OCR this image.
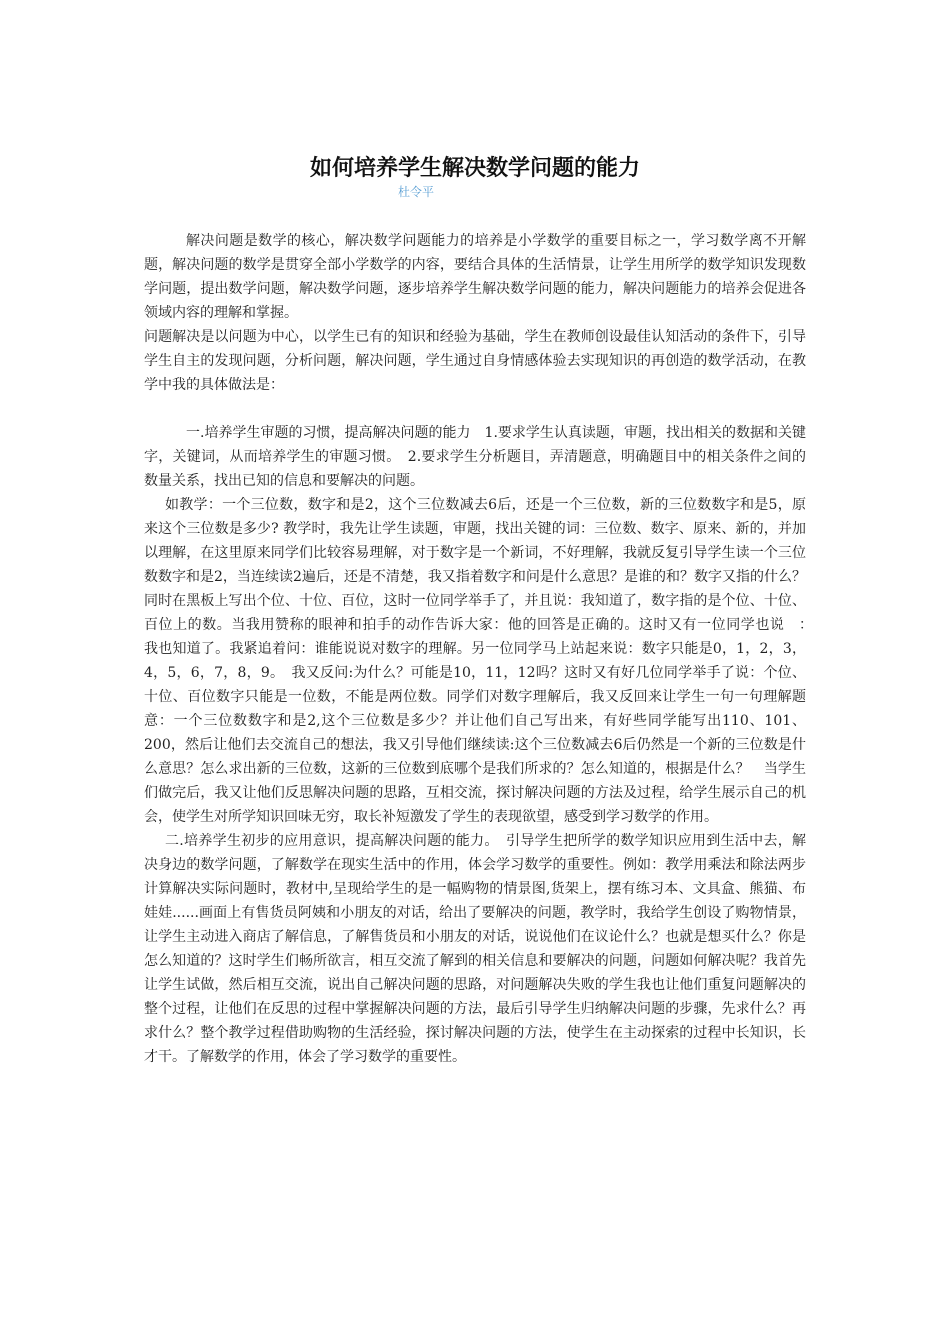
如何培养学生解决数学问题的能力
杜令平

解决问题是数学的核心，解决数学问题能力的培养是小学数学的重要目标之一，学习数学离不开解题，解决问题的数学是贯穿全部小学数学的内容，要结合具体的生活情景，让学生用所学的数学知识发现数学问题，提出数学问题，解决数学问题，逐步培养学生解决数学问题的能力，解决问题能力的培养会促进各领域内容的理解和掌握。

问题解决是以问题为中心，以学生已有的知识和经验为基础，学生在教师创设最佳认知活动的条件下，引导学生自主的发现问题，分析问题，解决问题，学生通过自身情感体验去实现知识的再创造的数学活动，在教学中我的具体做法是：

一.培养学生审题的习惯，提高解决问题的能力　1.要求学生认真读题，审题，找出相关的数据和关键字，关键词，从而培养学生的审题习惯。　2.要求学生分析题目，弄清题意，明确题目中的相关条件之间的数量关系，找出已知的信息和要解决的问题。

如教学：一个三位数，数字和是2，这个三位数减去6后，还是一个三位数，新的三位数数字和是5，原来这个三位数是多少? 教学时，我先让学生读题，审题，找出关键的词：三位数、数字、原来、新的，并加以理解，在这里原来同学们比较容易理解，对于数字是一个新词，不好理解，我就反复引导学生读一个三位数数字和是2，当连续读2遍后，还是不清楚，我又指着数字和问是什么意思？是谁的和？数字又指的什么？同时在黑板上写出个位、十位、百位，这时一位同学举手了，并且说：我知道了，数字指的是个位、十位、百位上的数。当我用赞称的眼神和拍手的动作告诉大家：他的回答是正确的。这时又有一位同学也说　：　我也知道了。我紧追着问：谁能说说对数字的理解。另一位同学马上站起来说：数字只能是0，1，2，3，4，5，6，7，8，9。　我又反问:为什么？可能是10，11，12吗？这时又有好几位同学举手了说：个位、十位、百位数字只能是一位数，不能是两位数。同学们对数字理解后，我又反回来让学生一句一句理解题意：一个三位数数字和是2,这个三位数是多少？并让他们自己写出来，有好些同学能写出110、101、200，然后让他们去交流自己的想法，我又引导他们继续读:这个三位数减去6后仍然是一个新的三位数是什么意思？怎么求出新的三位数，这新的三位数到底哪个是我们所求的？怎么知道的，根据是什么？　当学生们做完后，我又让他们反思解决问题的思路，互相交流，探讨解决问题的方法及过程，给学生展示自己的机会，使学生对所学知识回味无穷，取长补短激发了学生的表现欲望，感受到学习数学的作用。

二.培养学生初步的应用意识，提高解决问题的能力。　引导学生把所学的数学知识应用到生活中去，解决身边的数学问题，了解数学在现实生活中的作用，体会学习数学的重要性。例如：教学用乘法和除法两步计算解决实际问题时，教材中,呈现给学生的是一幅购物的情景图,货架上，摆有练习本、文具盒、熊猫、布娃娃......画面上有售货员阿姨和小朋友的对话，给出了要解决的问题，教学时，我给学生创设了购物情景，让学生主动进入商店了解信息，了解售货员和小朋友的对话，说说他们在议论什么？也就是想买什么？你是怎么知道的？这时学生们畅所欲言，相互交流了解到的相关信息和要解决的问题，问题如何解决呢？我首先让学生试做，然后相互交流，说出自己解决问题的思路，对问题解决失败的学生我也让他们重复问题解决的整个过程，让他们在反思的过程中掌握解决问题的方法，最后引导学生归纳解决问题的步骤，先求什么？再求什么？整个教学过程借助购物的生活经验，探讨解决问题的方法，使学生在主动探索的过程中长知识，长才干。了解数学的作用，体会了学习数学的重要性。
